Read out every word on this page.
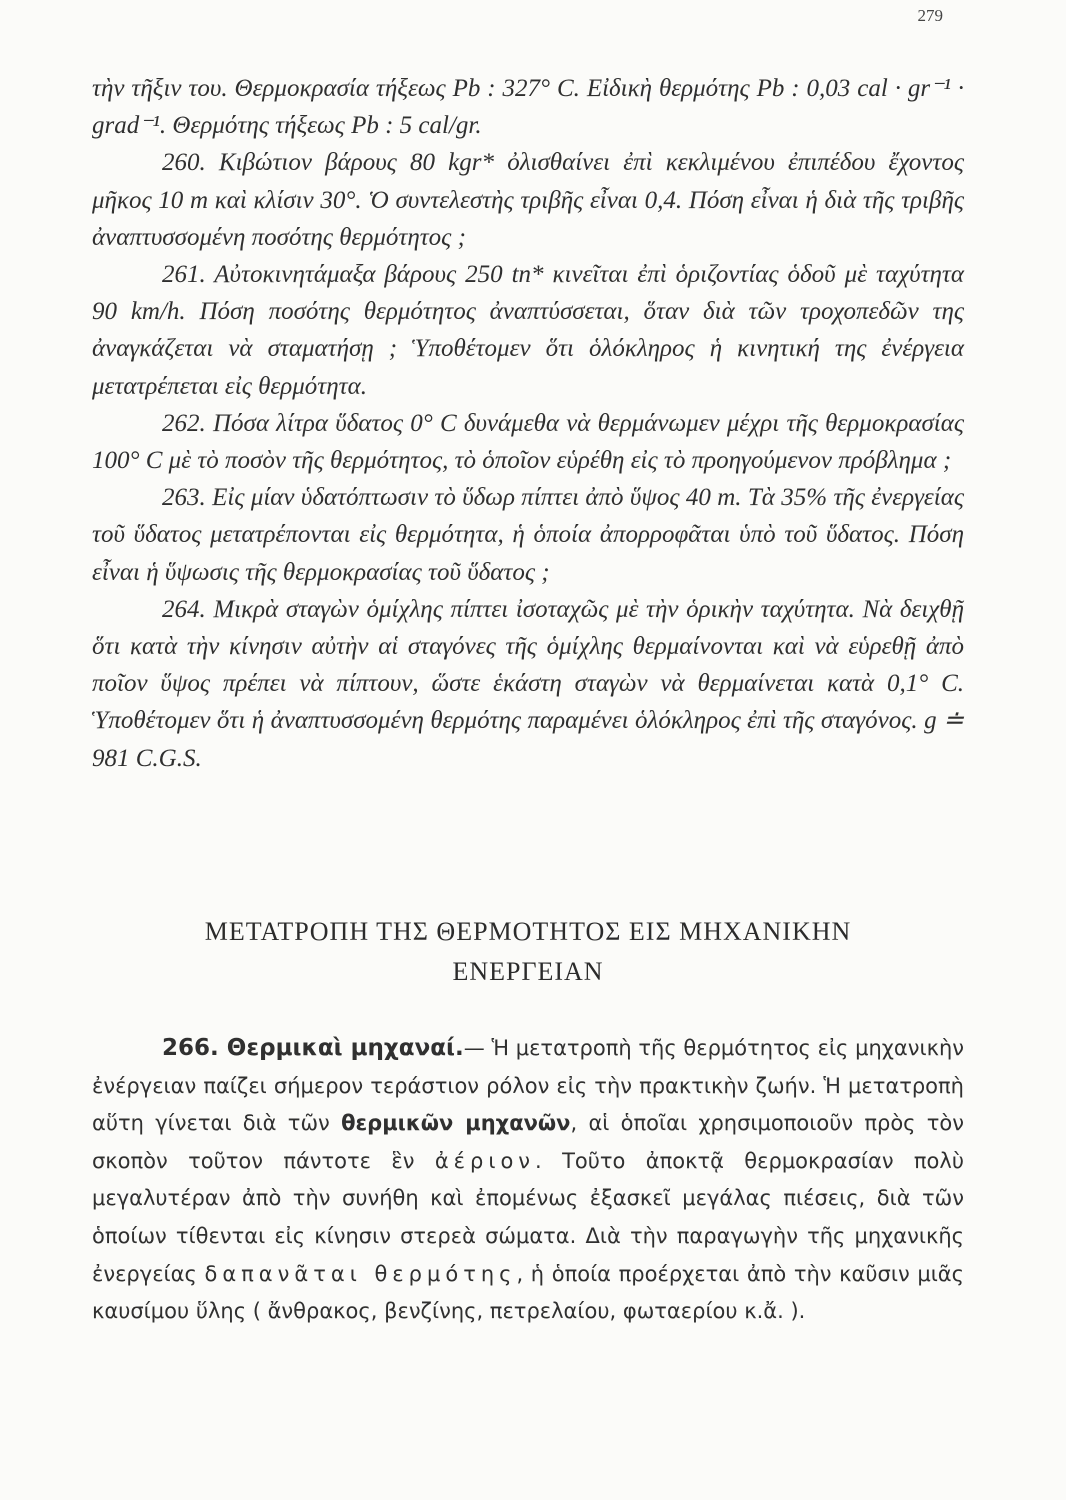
279

τὴν τῆξιν του. Θερμοκρασία τήξεως Pb : 327° C. Εἰδικὴ θερμότης Pb : 0,03 cal · gr⁻¹ · grad⁻¹. Θερμότης τήξεως Pb : 5 cal/gr.

260. Κιβώτιον βάρους 80 kgr* ὀλισθαίνει ἐπὶ κεκλιμένου ἐπιπέδου ἔχοντος μῆκος 10 m καὶ κλίσιν 30°. Ὁ συντελεστὴς τριβῆς εἶναι 0,4. Πόση εἶναι ἡ διὰ τῆς τριβῆς ἀναπτυσσομένη ποσότης θερμότητος ;

261. Αὐτοκινητάμαξα βάρους 250 tn* κινεῖται ἐπὶ ὁριζοντίας ὁδοῦ μὲ ταχύτητα 90 km/h. Πόση ποσότης θερμότητος ἀναπτύσσεται, ὅταν διὰ τῶν τροχοπεδῶν της ἀναγκάζεται νὰ σταματήσῃ ; Ὑποθέτομεν ὅτι ὁλόκληρος ἡ κινητική της ἐνέργεια μετατρέπεται εἰς θερμότητα.

262. Πόσα λίτρα ὕδατος 0° C δυνάμεθα νὰ θερμάνωμεν μέχρι τῆς θερμοκρασίας 100° C μὲ τὸ ποσὸν τῆς θερμότητος, τὸ ὁποῖον εὑρέθη εἰς τὸ προηγούμενον πρόβλημα ;

263. Εἰς μίαν ὑδατόπτωσιν τὸ ὕδωρ πίπτει ἀπὸ ὕψος 40 m. Τὰ 35% τῆς ἐνεργείας τοῦ ὕδατος μετατρέπονται εἰς θερμότητα, ἡ ὁποία ἀπορροφᾶται ὑπὸ τοῦ ὕδατος. Πόση εἶναι ἡ ὕψωσις τῆς θερμοκρασίας τοῦ ὕδατος ;

264. Μικρὰ σταγὼν ὁμίχλης πίπτει ἰσοταχῶς μὲ τὴν ὁρικὴν ταχύτητα. Νὰ δειχθῇ ὅτι κατὰ τὴν κίνησιν αὐτὴν αἱ σταγόνες τῆς ὁμίχλης θερμαίνονται καὶ νὰ εὑρεθῇ ἀπὸ ποῖον ὕψος πρέπει νὰ πίπτουν, ὥστε ἑκάστη σταγὼν νὰ θερμαίνεται κατὰ 0,1° C. Ὑποθέτομεν ὅτι ἡ ἀναπτυσσομένη θερμότης παραμένει ὁλόκληρος ἐπὶ τῆς σταγόνος. g ≐ 981 C.G.S.

ΜΕΤΑΤΡΟΠΗ ΤΗΣ ΘΕΡΜΟΤΗΤΟΣ ΕΙΣ ΜΗΧΑΝΙΚΗΝ
ΕΝΕΡΓΕΙΑΝ

266. Θερμικαὶ μηχαναί.— Ἡ μετατροπὴ τῆς θερμότητος εἰς μηχανικὴν ἐνέργειαν παίζει σήμερον τεράστιον ρόλον εἰς τὴν πρακτικὴν ζωήν. Ἡ μετατροπὴ αὕτη γίνεται διὰ τῶν θερμικῶν μηχανῶν, αἱ ὁποῖαι χρησιμοποιοῦν πρὸς τὸν σκοπὸν τοῦτον πάντοτε ἓν ἀέριον. Τοῦτο ἀποκτᾷ θερμοκρασίαν πολὺ μεγαλυτέραν ἀπὸ τὴν συνήθη καὶ ἐπομένως ἐξασκεῖ μεγάλας πιέσεις, διὰ τῶν ὁποίων τίθενται εἰς κίνησιν στερεὰ σώματα. Διὰ τὴν παραγωγὴν τῆς μηχανικῆς ἐνεργείας δαπανᾶται θερμότης, ἡ ὁποία προέρχεται ἀπὸ τὴν καῦσιν μιᾶς καυσίμου ὕλης ( ἄνθρακος, βενζίνης, πετρελαίου, φωταερίου κ.ἄ. ).
